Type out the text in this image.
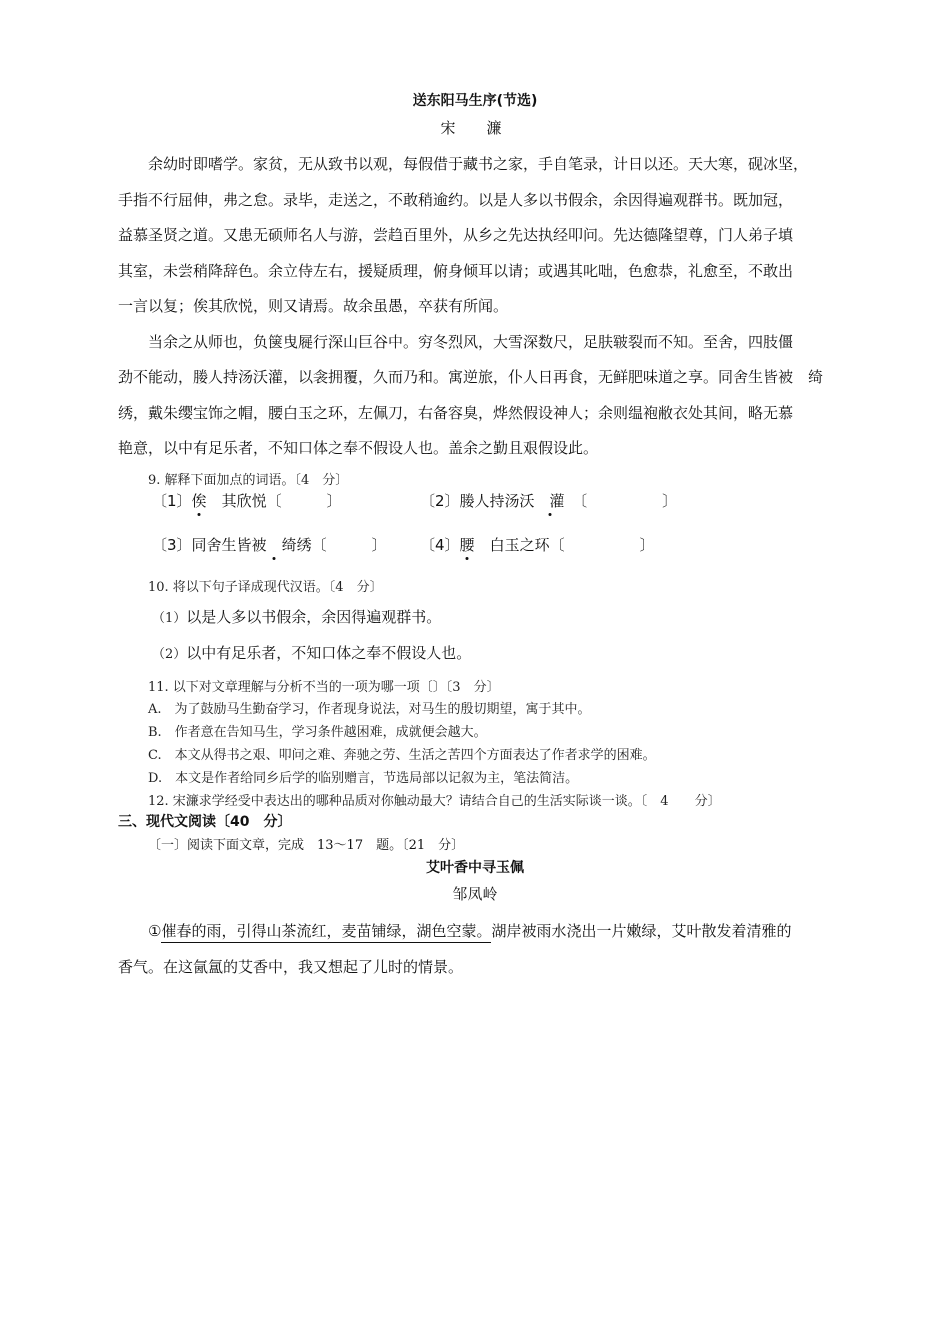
送东阳马生序(节选)
宋　濂
余幼时即嗜学。家贫，无从致书以观，每假借于藏书之家，手自笔录，计日以还。天大寒，砚冰坚，
手指不行屈伸，弗之怠。录毕，走送之，不敢稍逾约。以是人多以书假余，余因得遍观群书。既加冠，
益慕圣贤之道。又患无硕师名人与游，尝趋百里外，从乡之先达执经叩问。先达德隆望尊，门人弟子填
其室，未尝稍降辞色。余立侍左右，援疑质理，俯身倾耳以请；或遇其叱咄，色愈恭，礼愈至，不敢出
一言以复；俟其欣悦，则又请焉。故余虽愚，卒获有所闻。
当余之从师也，负箧曳屣行深山巨谷中。穷冬烈风，大雪深数尺，足肤皲裂而不知。至舍，四肢僵
劲不能动，媵人持汤沃灌，以衾拥覆，久而乃和。寓逆旅，仆人日再食，无鲜肥味道之享。同舍生皆被　绮
绣，戴朱缨宝饰之帽，腰白玉之环，左佩刀，右备容臭，烨然假设神人；余则缊袍敝衣处其间，略无慕
艳意，以中有足乐者，不知口体之奉不假设人也。盖余之勤且艰假设此。
9. 解释下面加点的词语。〔4　分〕
〔1〕俟　其欣悦〔　　　〕	〔2〕媵人持汤沃　灌　〔　　　　　〕
〔3〕同舍生皆被　 绮绣〔　　　〕 〔4〕腰　白玉之环〔　　　　　〕
10. 将以下句子译成现代汉语。〔4　分〕
（1）以是人多以书假余，余因得遍观群书。
（2）以中有足乐者，不知口体之奉不假设人也。
11. 以下对文章理解与分析不当的一项为哪一项〔〕〔3　分〕
A.　为了鼓励马生勤奋学习，作者现身说法，对马生的殷切期望，寓于其中。
B.　作者意在告知马生，学习条件越困难，成就便会越大。
C.　本文从得书之艰、叩问之难、奔驰之劳、生活之苦四个方面表达了作者求学的困难。
D.　本文是作者给同乡后学的临别赠言，节选局部以记叙为主，笔法简洁。
12. 宋濂求学经受中表达出的哪种品质对你触动最大？请结合自己的生活实际谈一谈。〔　4　　分〕
三、现代文阅读〔40　分〕
〔一〕阅读下面文章，完成　13～17　题。〔21　分〕
艾叶香中寻玉佩
邹凤岭
①催春的雨，引得山茶流红，麦苗铺绿，湖色空蒙。湖岸被雨水浇出一片嫩绿，艾叶散发着清雅的
香气。在这氤氲的艾香中，我又想起了儿时的情景。
